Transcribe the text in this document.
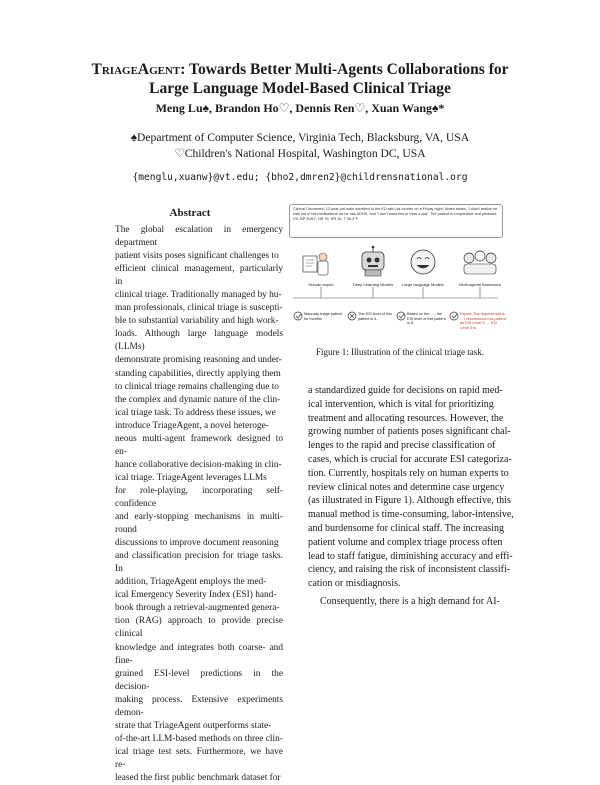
TriageAgent: Towards Better Multi-Agents Collaborations for
Large Language Model-Based Clinical Triage
Meng Lu♠, Brandon Ho♡, Dennis Ren♡, Xuan Wang♠*
♠Department of Computer Science, Virginia Tech, Blacksburg, VA, USA
♡Children's National Hospital, Washington DC, USA
{menglu,xuanw}@vt.edu; {bho2,dmren2}@childrensnational.org
Abstract

The global escalation in emergency department

patient visits poses significant challenges to

efficient clinical management, particularly in

clinical triage. Traditionally managed by hu-

man professionals, clinical triage is suscepti-

ble to substantial variability and high work-

loads. Although large language models (LLMs)

demonstrate promising reasoning and under-

standing capabilities, directly applying them

to clinical triage remains challenging due to

the complex and dynamic nature of the clin-

ical triage task. To address these issues, we

introduce TriageAgent, a novel heteroge-

neous multi-agent framework designed to en-

hance collaborative decision-making in clin-

ical triage. TriageAgent leverages LLMs

for role-playing, incorporating self-confidence

and early-stopping mechanisms in multi-round

discussions to improve document reasoning

and classification precision for triage tasks. In

addition, TriageAgent employs the med-

ical Emergency Severity Index (ESI) hand-

book through a retrieval-augmented genera-

tion (RAG) approach to provide precise clinical

knowledge and integrates both coarse- and fine-

grained ESI-level predictions in the decision-

making process. Extensive experiments demon-

strate that TriageAgent outperforms state-

of-the-art LLM-based methods on three clin-

ical triage test sets. Furthermore, we have re-

leased the first public benchmark dataset for

Clinical Document: 12-year-old male admitted to the ED with his mother on a Friday night. Notes states, 'I didn't realize he was out of his medications' as he has ADHD, and 'I don't want him to miss a day.' The patient is cooperative and pleasant. VS: BP 90/67, HR 76, RR 16, T 98.4°F.
Human expert	Deep Learning Models	Large language Models	Multi-agents framework
Manually triage patient for months
The ESI level of this patient is 4.
Based on the ...., the ESI level of this patient is 5.
Expert: The requirement is ... I recommend this patient as ESI Level 5. ... ESI Level 5 is
Figure 1: Illustration of the clinical triage task.

a standardized guide for decisions on rapid med-

ical intervention, which is vital for prioritizing

treatment and allocating resources. However, the

growing number of patients poses significant chal-

lenges to the rapid and precise classification of

cases, which is crucial for accurate ESI categoriza-

tion. Currently, hospitals rely on human experts to

review clinical notes and determine case urgency

(as illustrated in Figure 1). Although effective, this

manual method is time-consuming, labor-intensive,

and burdensome for clinical staff. The increasing

patient volume and complex triage process often

lead to staff fatigue, diminishing accuracy and effi-

ciency, and raising the risk of inconsistent classifi-

cation or misdiagnosis.

Consequently, there is a high demand for AI-
